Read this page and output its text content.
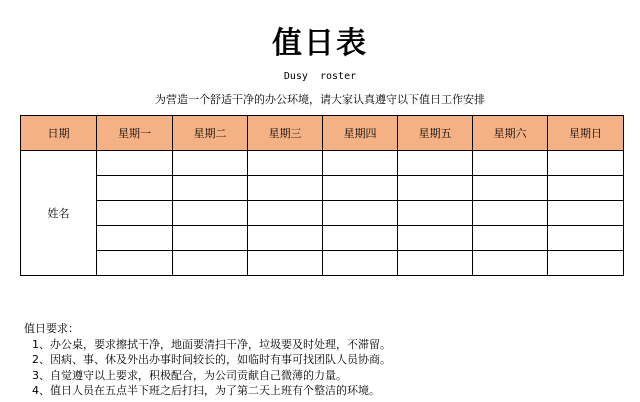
值日表
Dusy  roster
为营造一个舒适干净的办公环境，请大家认真遵守以下值日工作安排
日期	星期一	星期二	星期三	星期四	星期五	星期六	星期日
姓名							

值日要求：

1、办公桌，要求擦拭干净，地面要清扫干净，垃圾要及时处理，不滞留。

2、因病、事、休及外出办事时间较长的，如临时有事可找团队人员协商。

3、自觉遵守以上要求，积极配合，为公司贡献自己微薄的力量。

4、值日人员在五点半下班之后打扫，为了第二天上班有个整洁的环境。
